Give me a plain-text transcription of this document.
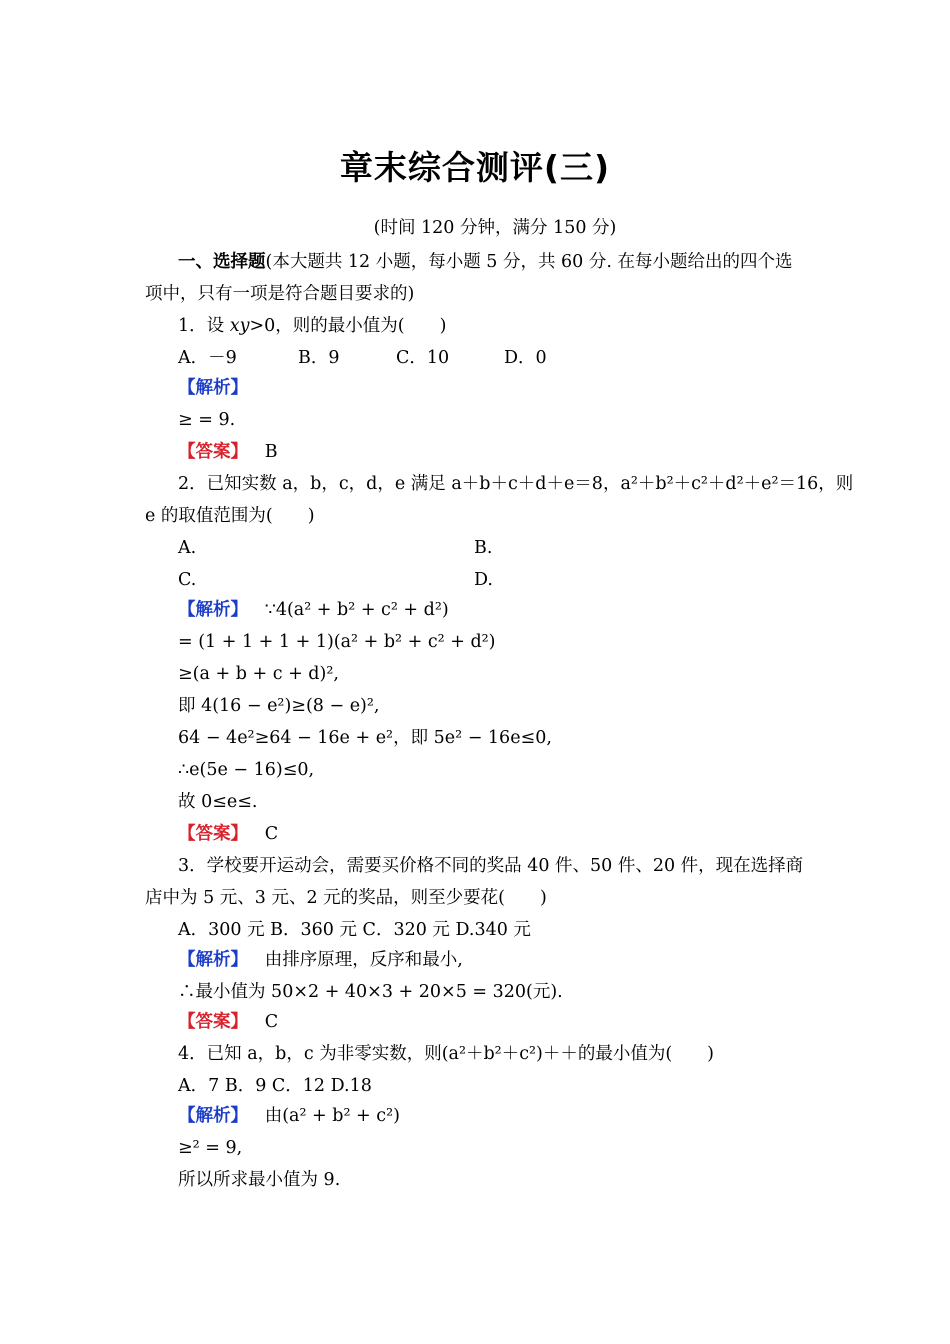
章末综合测评(三)
(时间 120 分钟，满分 150 分)
一、选择题(本大题共 12 小题，每小题 5 分，共 60 分. 在每小题给出的四个选
项中，只有一项是符合题目要求的)
1．设 xy>0，则的最小值为(　　)
A．－9	B．9	C．10	D．0
【解析】
≥ = 9.
【答案】 B
2．已知实数 a，b，c，d，e 满足 a＋b＋c＋d＋e＝8，a²＋b²＋c²＋d²＋e²＝16，则
e 的取值范围为(　　)
A.	B.
C.	D.
【解析】 ∵4(a² + b² + c² + d²)
= (1 + 1 + 1 + 1)(a² + b² + c² + d²)
≥(a + b + c + d)²,
即 4(16 − e²)≥(8 − e)²,
64 − 4e²≥64 − 16e + e²，即 5e² − 16e≤0,
∴e(5e − 16)≤0,
故 0≤e≤.
【答案】 C
3．学校要开运动会，需要买价格不同的奖品 40 件、50 件、20 件，现在选择商
店中为 5 元、3 元、2 元的奖品，则至少要花(　　)
A．300 元 B．360 元 C．320 元 D.340 元
【解析】 由排序原理，反序和最小,
∴最小值为 50×2 + 40×3 + 20×5 = 320(元).
【答案】 C
4．已知 a，b，c 为非零实数，则(a²＋b²＋c²)＋＋的最小值为(　　)
A．7 B．9 C．12 D.18
【解析】 由(a² + b² + c²)
≥² = 9,
所以所求最小值为 9.
